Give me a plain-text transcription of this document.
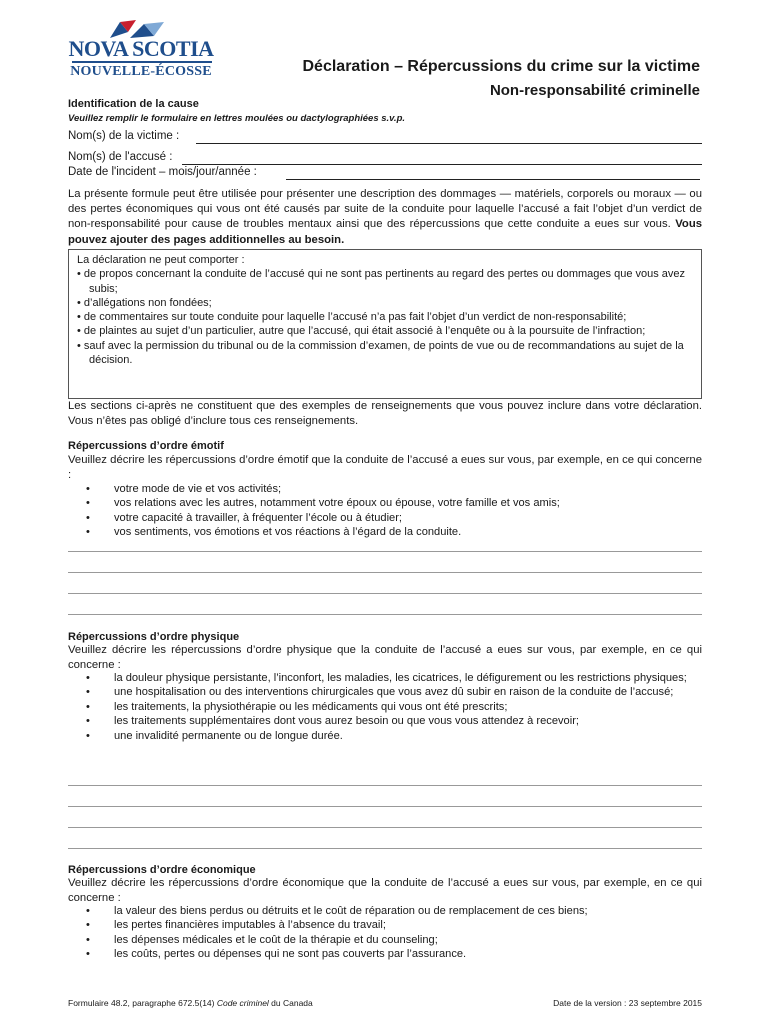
NOVA SCOTIA
NOUVELLE-ÉCOSSE	Déclaration – Répercussions du crime sur la victime
Non-responsabilité criminelle
Identification de la cause
Veuillez remplir le formulaire en lettres moulées ou dactylographiées s.v.p.
Nom(s) de la victime :
Nom(s) de l'accusé :
Date de l'incident – mois/jour/année :
La présente formule peut être utilisée pour présenter une description des dommages — matériels, corporels ou moraux — ou des pertes économiques qui vous ont été causés par suite de la conduite pour laquelle l’accusé a fait l’objet d’un verdict de non-responsabilité pour cause de troubles mentaux ainsi que des répercussions que cette conduite a eues sur vous. Vous pouvez ajouter des pages additionnelles au besoin.
La déclaration ne peut comporter :
• de propos concernant la conduite de l’accusé qui ne sont pas pertinents au regard des pertes ou dommages que vous avez subis;
• d’allégations non fondées;
• de commentaires sur toute conduite pour laquelle l’accusé n’a pas fait l’objet d’un verdict de non-responsabilité;
• de plaintes au sujet d’un particulier, autre que l’accusé, qui était associé à l’enquête ou à la poursuite de l’infraction;
• sauf avec la permission du tribunal ou de la commission d’examen, de points de vue ou de recommandations au sujet de la décision.
Les sections ci-après ne constituent que des exemples de renseignements que vous pouvez inclure dans votre déclaration. Vous n’êtes pas obligé d’inclure tous ces renseignements.
Répercussions d’ordre émotif
Veuillez décrire les répercussions d’ordre émotif que la conduite de l’accusé a eues sur vous, par exemple, en ce qui concerne :
• votre mode de vie et vos activités;
• vos relations avec les autres, notamment votre époux ou épouse, votre famille et vos amis;
• votre capacité à travailler, à fréquenter l’école ou à étudier;
• vos sentiments, vos émotions et vos réactions à l’égard de la conduite.
Répercussions d’ordre physique
Veuillez décrire les répercussions d’ordre physique que la conduite de l’accusé a eues sur vous, par exemple, en ce qui concerne :
• la douleur physique persistante, l’inconfort, les maladies, les cicatrices, le défigurement ou les restrictions physiques;
• une hospitalisation ou des interventions chirurgicales que vous avez dû subir en raison de la conduite de l’accusé;
• les traitements, la physiothérapie ou les médicaments qui vous ont été prescrits;
• les traitements supplémentaires dont vous aurez besoin ou que vous vous attendez à recevoir;
• une invalidité permanente ou de longue durée.
Répercussions d’ordre économique
Veuillez décrire les répercussions d’ordre économique que la conduite de l’accusé a eues sur vous, par exemple, en ce qui concerne :
• la valeur des biens perdus ou détruits et le coût de réparation ou de remplacement de ces biens;
• les pertes financières imputables à l’absence du travail;
• les dépenses médicales et le coût de la thérapie et du counseling;
• les coûts, pertes ou dépenses qui ne sont pas couverts par l’assurance.
Formulaire 48.2, paragraphe 672.5(14) Code criminel du Canada	Date de la version : 23 septembre 2015
